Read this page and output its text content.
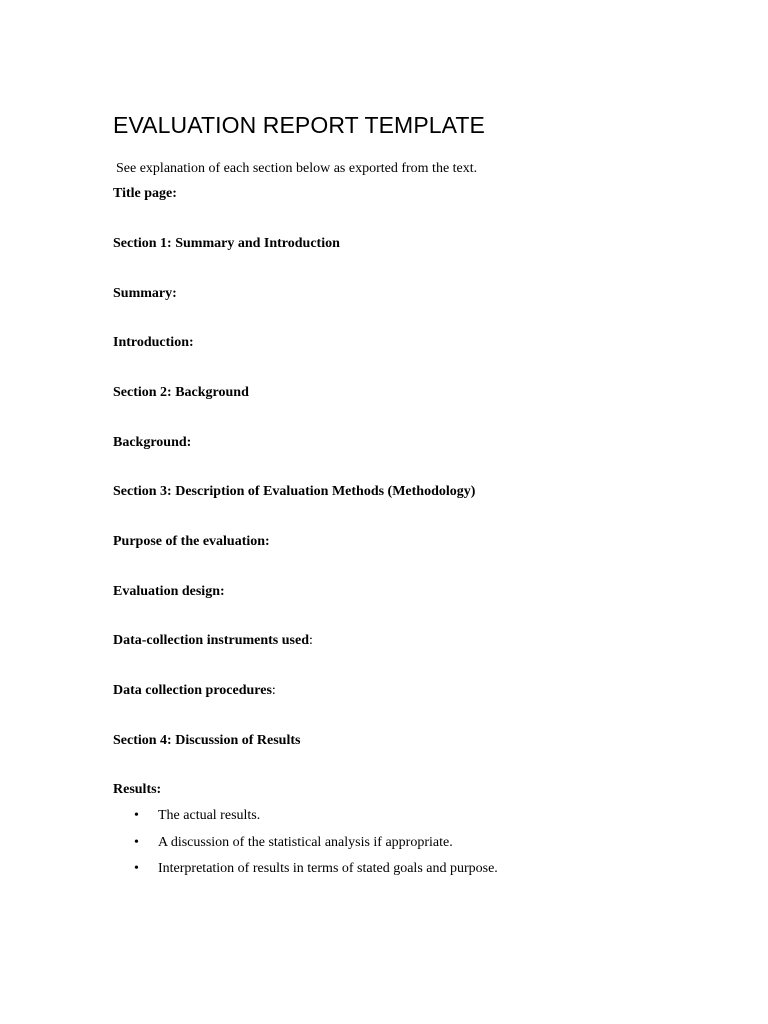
EVALUATION REPORT TEMPLATE
See explanation of each section below as exported from the text.
Title page:
Section 1: Summary and Introduction
Summary:
Introduction:
Section 2: Background
Background:
Section 3: Description of Evaluation Methods (Methodology)
Purpose of the evaluation:
Evaluation design:
Data-collection instruments used:
Data collection procedures:
Section 4: Discussion of Results
Results:
• The actual results.
• A discussion of the statistical analysis if appropriate.
• Interpretation of results in terms of stated goals and purpose.
